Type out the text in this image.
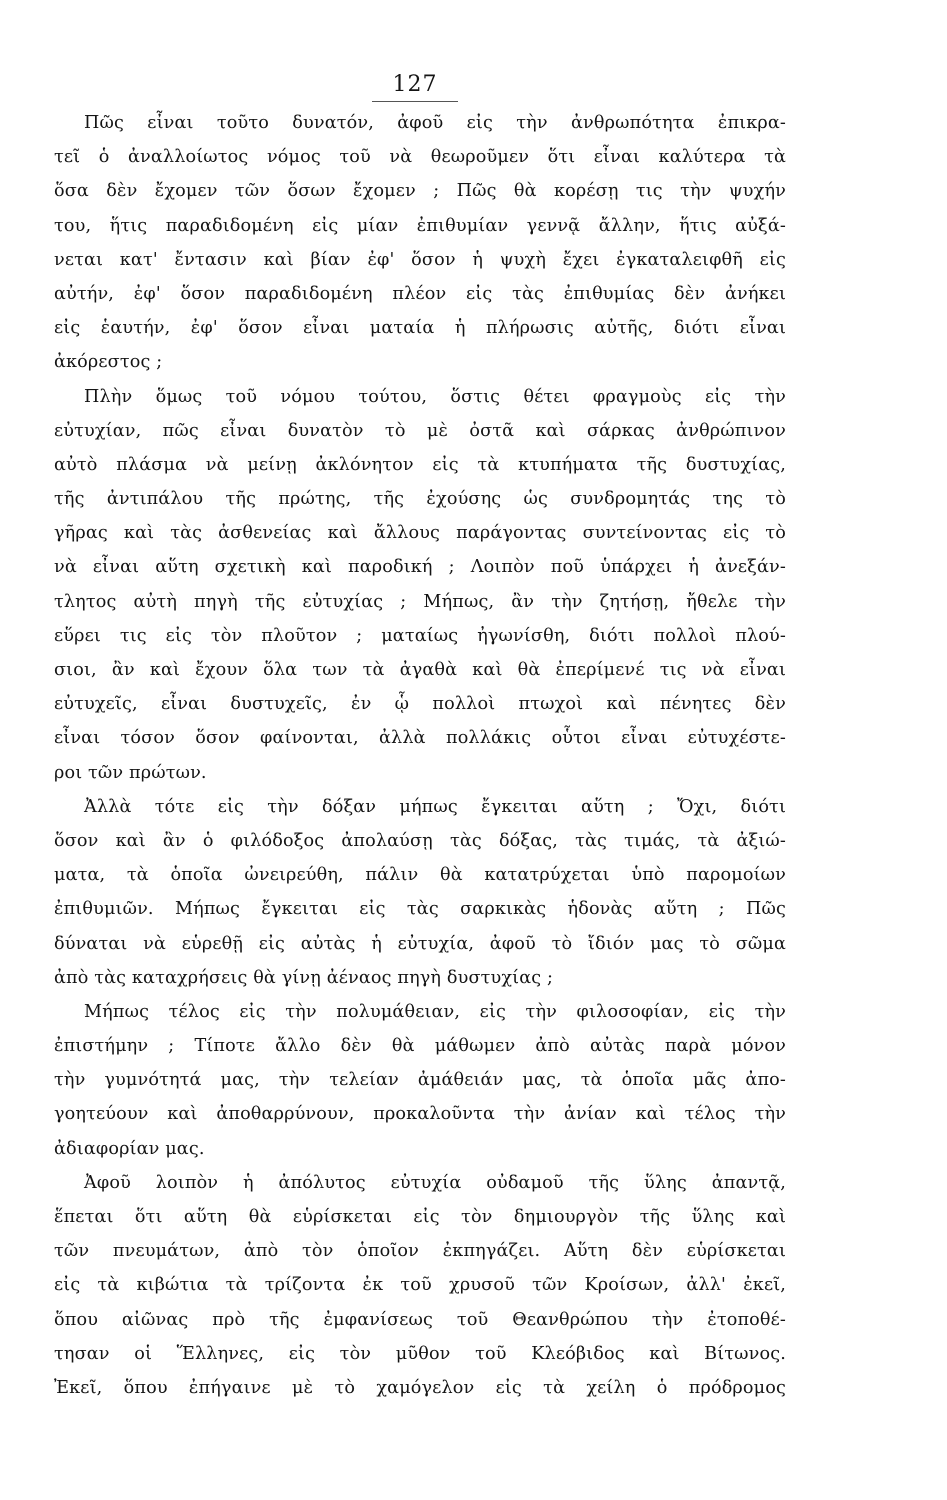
127
Πῶς εἶναι τοῦτο δυνατόν, ἀφοῦ εἰς τὴν ἀνθρωπότητα ἐπικρα-
τεῖ ὁ ἀναλλοίωτος νόμος τοῦ νὰ θεωροῦμεν ὅτι εἶναι καλύτερα τὰ
ὅσα δὲν ἔχομεν τῶν ὅσων ἔχομεν ; Πῶς θὰ κορέσῃ τις τὴν ψυχήν
του, ἥτις παραδιδομένη εἰς μίαν ἐπιθυμίαν γεννᾷ ἄλλην, ἥτις αὐξά-
νεται κατ' ἔντασιν καὶ βίαν ἐφ' ὅσον ἡ ψυχὴ ἔχει ἐγκαταλειφθῆ εἰς
αὐτήν, ἐφ' ὅσον παραδιδομένη πλέον εἰς τὰς ἐπιθυμίας δὲν ἀνήκει
εἰς ἑαυτήν, ἐφ' ὅσον εἶναι ματαία ἡ πλήρωσις αὐτῆς, διότι εἶναι
ἀκόρεστος ;
Πλὴν ὅμως τοῦ νόμου τούτου, ὅστις θέτει φραγμοὺς εἰς τὴν
εὐτυχίαν, πῶς εἶναι δυνατὸν τὸ μὲ ὀστᾶ καὶ σάρκας ἀνθρώπινον
αὐτὸ πλάσμα νὰ μείνῃ ἀκλόνητον εἰς τὰ κτυπήματα τῆς δυστυχίας,
τῆς ἀντιπάλου τῆς πρώτης, τῆς ἐχούσης ὡς συνδρομητάς της τὸ
γῆρας καὶ τὰς ἀσθενείας καὶ ἄλλους παράγοντας συντείνοντας εἰς τὸ
νὰ εἶναι αὕτη σχετικὴ καὶ παροδική ; Λοιπὸν ποῦ ὑπάρχει ἡ ἀνεξάν-
τλητος αὐτὴ πηγὴ τῆς εὐτυχίας ; Μήπως, ἂν τὴν ζητήσῃ, ἤθελε τὴν
εὕρει τις εἰς τὸν πλοῦτον ; ματαίως ἠγωνίσθη, διότι πολλοὶ πλού-
σιοι, ἂν καὶ ἔχουν ὅλα των τὰ ἀγαθὰ καὶ θὰ ἐπερίμενέ τις νὰ εἶναι
εὐτυχεῖς, εἶναι δυστυχεῖς, ἐν ᾧ πολλοὶ πτωχοὶ καὶ πένητες δὲν
εἶναι τόσον ὅσον φαίνονται, ἀλλὰ πολλάκις οὗτοι εἶναι εὐτυχέστε-
ροι τῶν πρώτων.
Ἀλλὰ τότε εἰς τὴν δόξαν μήπως ἔγκειται αὕτη ; Ὄχι, διότι
ὅσον καὶ ἂν ὁ φιλόδοξος ἀπολαύσῃ τὰς δόξας, τὰς τιμάς, τὰ ἀξιώ-
ματα, τὰ ὁποῖα ὠνειρεύθη, πάλιν θὰ κατατρύχεται ὑπὸ παρομοίων
ἐπιθυμιῶν. Μήπως ἔγκειται εἰς τὰς σαρκικὰς ἡδονὰς αὕτη ; Πῶς
δύναται νὰ εὑρεθῇ εἰς αὐτὰς ἡ εὐτυχία, ἀφοῦ τὸ ἴδιόν μας τὸ σῶμα
ἀπὸ τὰς καταχρήσεις θὰ γίνῃ ἀέναος πηγὴ δυστυχίας ;
Μήπως τέλος εἰς τὴν πολυμάθειαν, εἰς τὴν φιλοσοφίαν, εἰς τὴν
ἐπιστήμην ; Τίποτε ἄλλο δὲν θὰ μάθωμεν ἀπὸ αὐτὰς παρὰ μόνον
τὴν γυμνότητά μας, τὴν τελείαν ἀμάθειάν μας, τὰ ὁποῖα μᾶς ἀπο-
γοητεύουν καὶ ἀποθαρρύνουν, προκαλοῦντα τὴν ἀνίαν καὶ τέλος τὴν
ἀδιαφορίαν μας.
Ἀφοῦ λοιπὸν ἡ ἀπόλυτος εὐτυχία οὐδαμοῦ τῆς ὕλης ἀπαντᾷ,
ἕπεται ὅτι αὕτη θὰ εὑρίσκεται εἰς τὸν δημιουργὸν τῆς ὕλης καὶ
τῶν πνευμάτων, ἀπὸ τὸν ὁποῖον ἐκπηγάζει. Αὕτη δὲν εὑρίσκεται
εἰς τὰ κιβώτια τὰ τρίζοντα ἐκ τοῦ χρυσοῦ τῶν Κροίσων, ἀλλ' ἐκεῖ,
ὅπου αἰῶνας πρὸ τῆς ἐμφανίσεως τοῦ Θεανθρώπου τὴν ἐτοποθέ-
τησαν οἱ Ἕλληνες, εἰς τὸν μῦθον τοῦ Κλεόβιδος καὶ Βίτωνος.
Ἐκεῖ, ὅπου ἐπήγαινε μὲ τὸ χαμόγελον εἰς τὰ χείλη ὁ πρόδρομος
